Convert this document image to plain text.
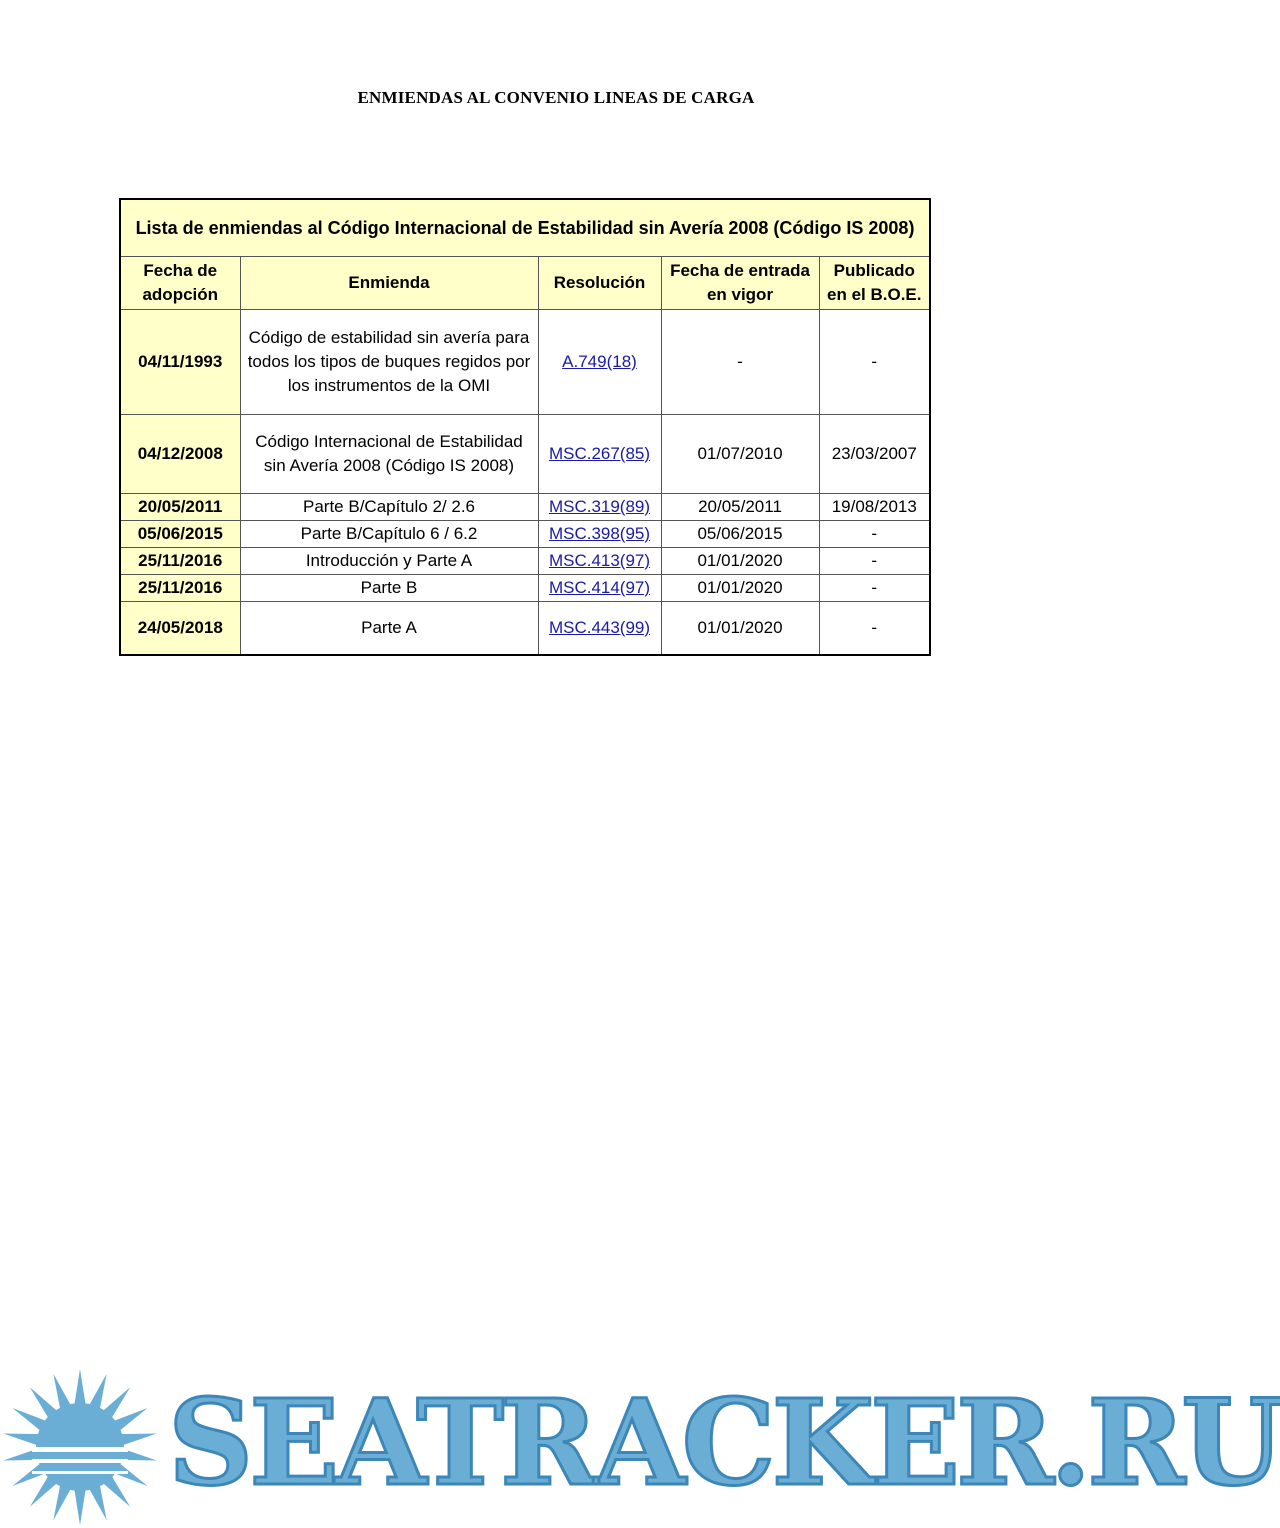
ENMIENDAS AL CONVENIO LINEAS DE CARGA
Lista de enmiendas al Código Internacional de Estabilidad sin Avería 2008 (Código IS 2008)				
Fecha de adopción	Enmienda	Resolución	Fecha de entrada en vigor	Publicado en el B.O.E.
04/11/1993	Código de estabilidad sin avería para todos los tipos de buques regidos por los instrumentos de la OMI	A.749(18)	-	-
04/12/2008	Código Internacional de Estabilidad sin Avería 2008 (Código IS 2008)	MSC.267(85)	01/07/2010	23/03/2007
20/05/2011	Parte B/Capítulo 2/ 2.6	MSC.319(89)	20/05/2011	19/08/2013
05/06/2015	Parte B/Capítulo 6 / 6.2	MSC.398(95)	05/06/2015	-
25/11/2016	Introducción y Parte A	MSC.413(97)	01/01/2020	-
25/11/2016	Parte B	MSC.414(97)	01/01/2020	-
24/05/2018	Parte A	MSC.443(99)	01/01/2020	-
SEATRACKER.RU
